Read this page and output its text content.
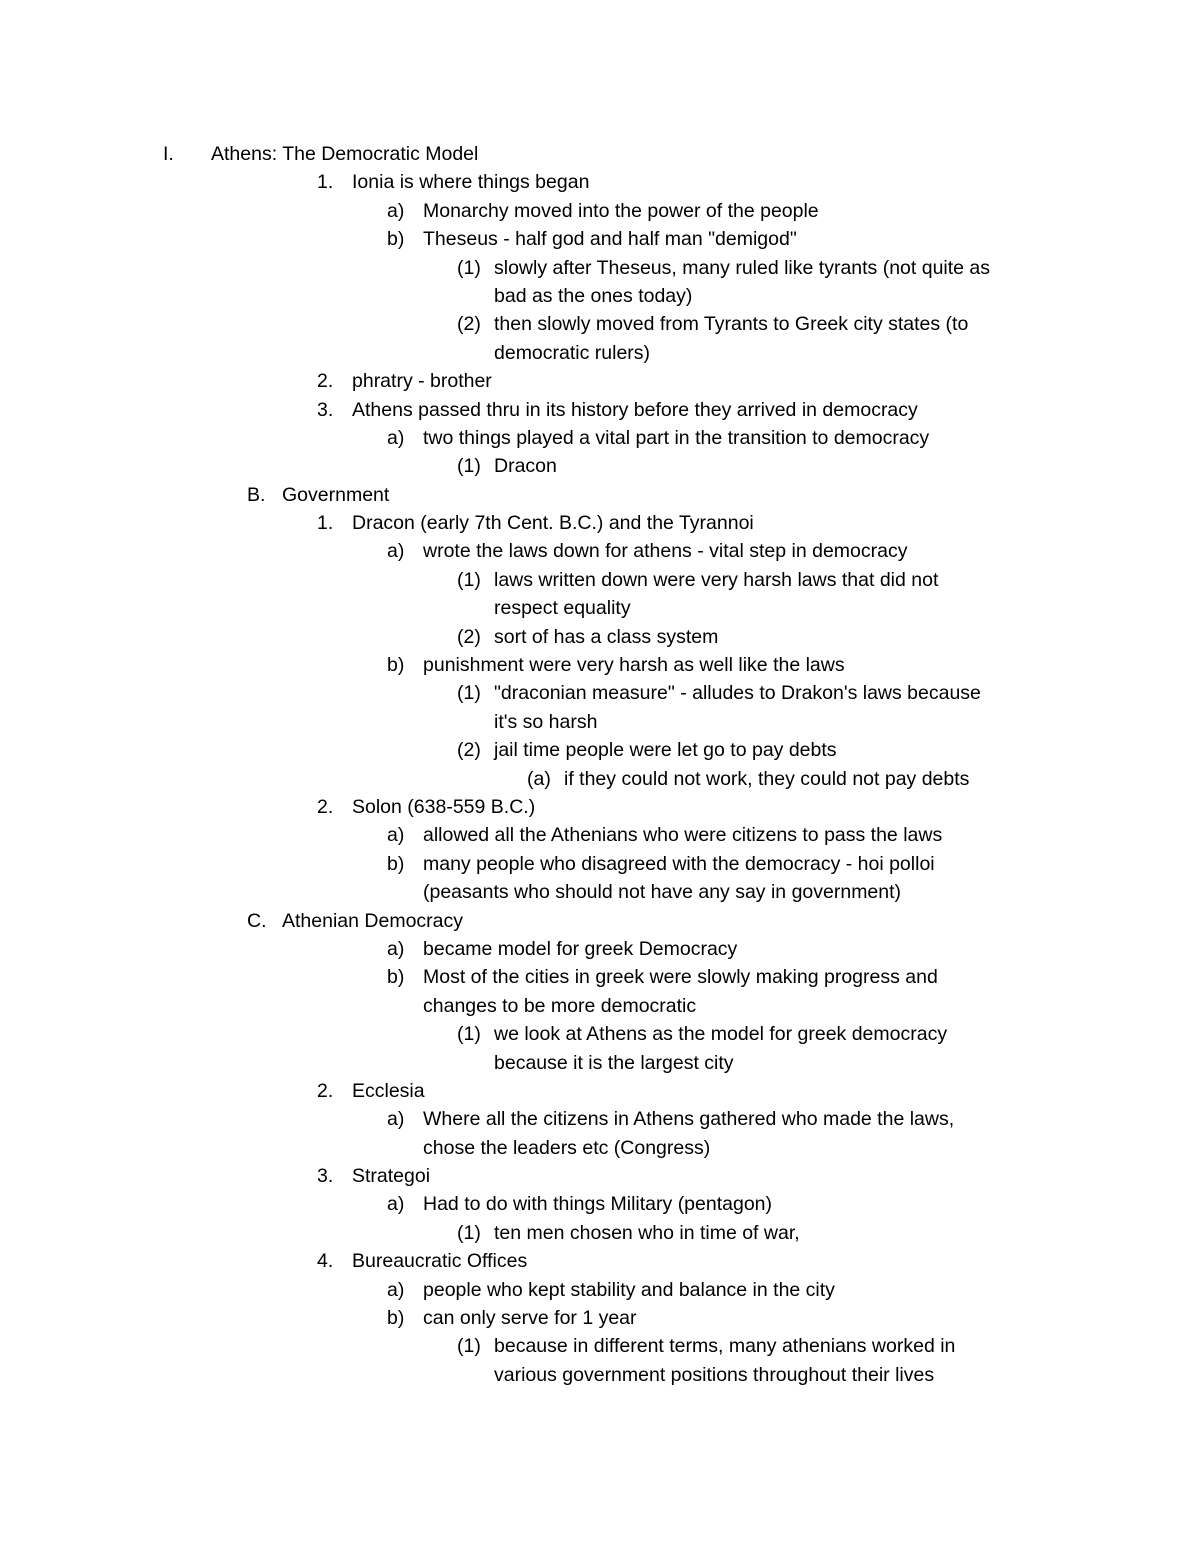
I. Athens: The Democratic Model
1. Ionia is where things began
a) Monarchy moved into the power of the people
b) Theseus - half god and half man "demigod"
(1) slowly after Theseus, many ruled like tyrants (not quite as
bad as the ones today)
(2) then slowly moved from Tyrants to Greek city states (to
democratic rulers)
2. phratry - brother
3. Athens passed thru in its history before they arrived in democracy
a) two things played a vital part in the transition to democracy
(1) Dracon
B. Government
1. Dracon (early 7th Cent. B.C.) and the Tyrannoi
a) wrote the laws down for athens - vital step in democracy
(1) laws written down were very harsh laws that did not
respect equality
(2) sort of has a class system
b) punishment were very harsh as well like the laws
(1) "draconian measure" - alludes to Drakon's laws because
it's so harsh
(2) jail time people were let go to pay debts
(a) if they could not work, they could not pay debts
2. Solon (638-559 B.C.)
a) allowed all the Athenians who were citizens to pass the laws
b) many people who disagreed with the democracy - hoi polloi
(peasants who should not have any say in government)
C. Athenian Democracy
a) became model for greek Democracy
b) Most of the cities in greek were slowly making progress and
changes to be more democratic
(1) we look at Athens as the model for greek democracy
because it is the largest city
2. Ecclesia
a) Where all the citizens in Athens gathered who made the laws,
chose the leaders etc (Congress)
3. Strategoi
a) Had to do with things Military (pentagon)
(1) ten men chosen who in time of war,
4. Bureaucratic Offices
a) people who kept stability and balance in the city
b) can only serve for 1 year
(1) because in different terms, many athenians worked in
various government positions throughout their lives
